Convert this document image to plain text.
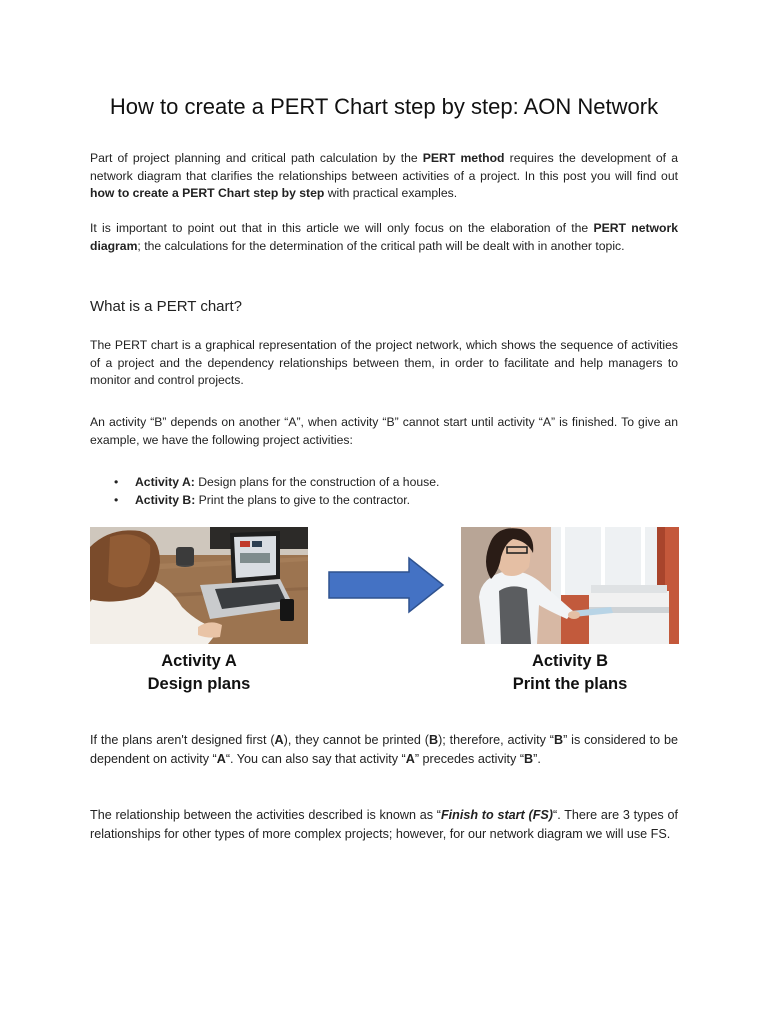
How to create a PERT Chart step by step: AON Network

Part of project planning and critical path calculation by the PERT method requires the development of a network diagram that clarifies the relationships between activities of a project. In this post you will find out how to create a PERT Chart step by step with practical examples.

It is important to point out that in this article we will only focus on the elaboration of the PERT network diagram; the calculations for the determination of the critical path will be dealt with in another topic.

What is a PERT chart?

The PERT chart is a graphical representation of the project network, which shows the sequence of activities of a project and the dependency relationships between them, in order to facilitate and help managers to monitor and control projects.

An activity “B” depends on another “A”, when activity “B” cannot start until activity “A” is finished. To give an example, we have the following project activities:

• Activity A: Design plans for the construction of a house.
• Activity B: Print the plans to give to the contractor.
Activity A
Design plans
Activity B
Print the plans

If the plans aren't designed first (A), they cannot be printed (B); therefore, activity “B” is considered to be dependent on activity “A“. You can also say that activity “A” precedes activity “B”.

The relationship between the activities described is known as “Finish to start (FS)“. There are 3 types of relationships for other types of more complex projects; however, for our network diagram we will use FS.
